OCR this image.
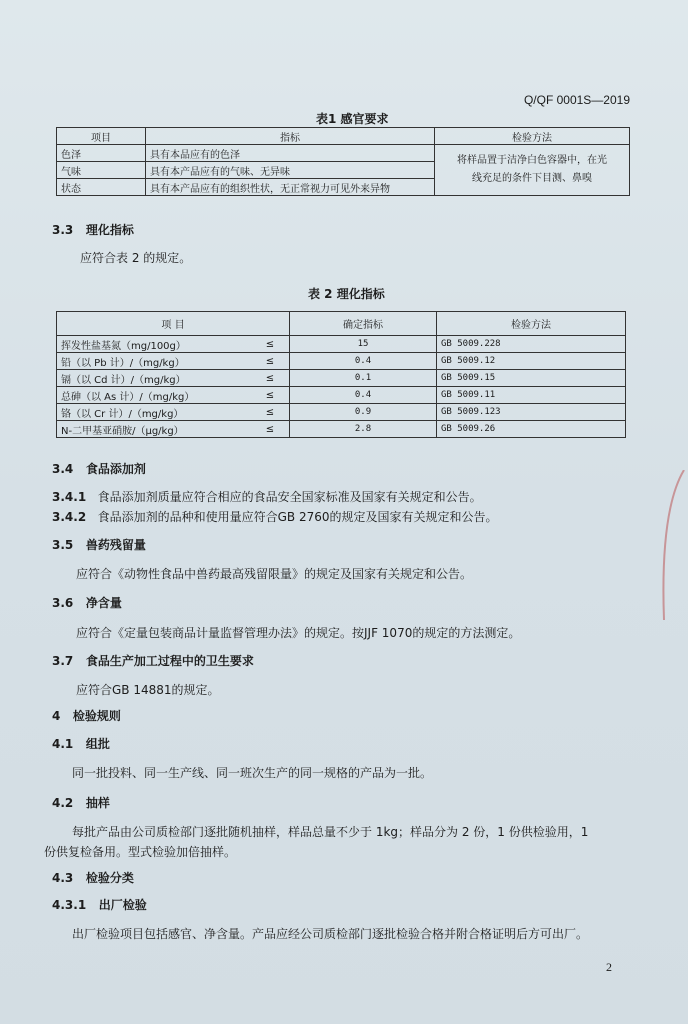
Q/QF 0001S—2019
表1 感官要求
项目	指标	检验方法
色泽	具有本品应有的色泽	将样品置于洁净白色容器中，在光
线充足的条件下目测、鼻嗅

气味	具有本产品应有的气味、无异味	
状态	具有本产品应有的组织性状，无正常视力可见外来异物	
3.3 理化指标
应符合表 2 的规定。
表 2 理化指标
项 目		确定指标	检验方法
挥发性盐基氮（mg/100g）	≤	15	GB 5009.228
铅（以 Pb 计）/（mg/kg）	≤	0.4	GB 5009.12
镉（以 Cd 计）/（mg/kg）	≤	0.1	GB 5009.15
总砷（以 As 计）/（mg/kg）	≤	0.4	GB 5009.11
铬（以 Cr 计）/（mg/kg）	≤	0.9	GB 5009.123
N-二甲基亚硝胺/（μg/kg）	≤	2.8	GB 5009.26
3.4 食品添加剂
3.4.1 食品添加剂质量应符合相应的食品安全国家标准及国家有关规定和公告。
3.4.2 食品添加剂的品种和使用量应符合GB 2760的规定及国家有关规定和公告。
3.5 兽药残留量
应符合《动物性食品中兽药最高残留限量》的规定及国家有关规定和公告。
3.6 净含量
应符合《定量包装商品计量监督管理办法》的规定。按JJF 1070的规定的方法测定。
3.7 食品生产加工过程中的卫生要求
应符合GB 14881的规定。
4 检验规则
4.1 组批
同一批投料、同一生产线、同一班次生产的同一规格的产品为一批。
4.2 抽样
每批产品由公司质检部门逐批随机抽样，样品总量不少于 1kg；样品分为 2 份，1 份供检验用，1
份供复检备用。型式检验加倍抽样。
4.3 检验分类
4.3.1 出厂检验
出厂检验项目包括感官、净含量。产品应经公司质检部门逐批检验合格并附合格证明后方可出厂。
2
